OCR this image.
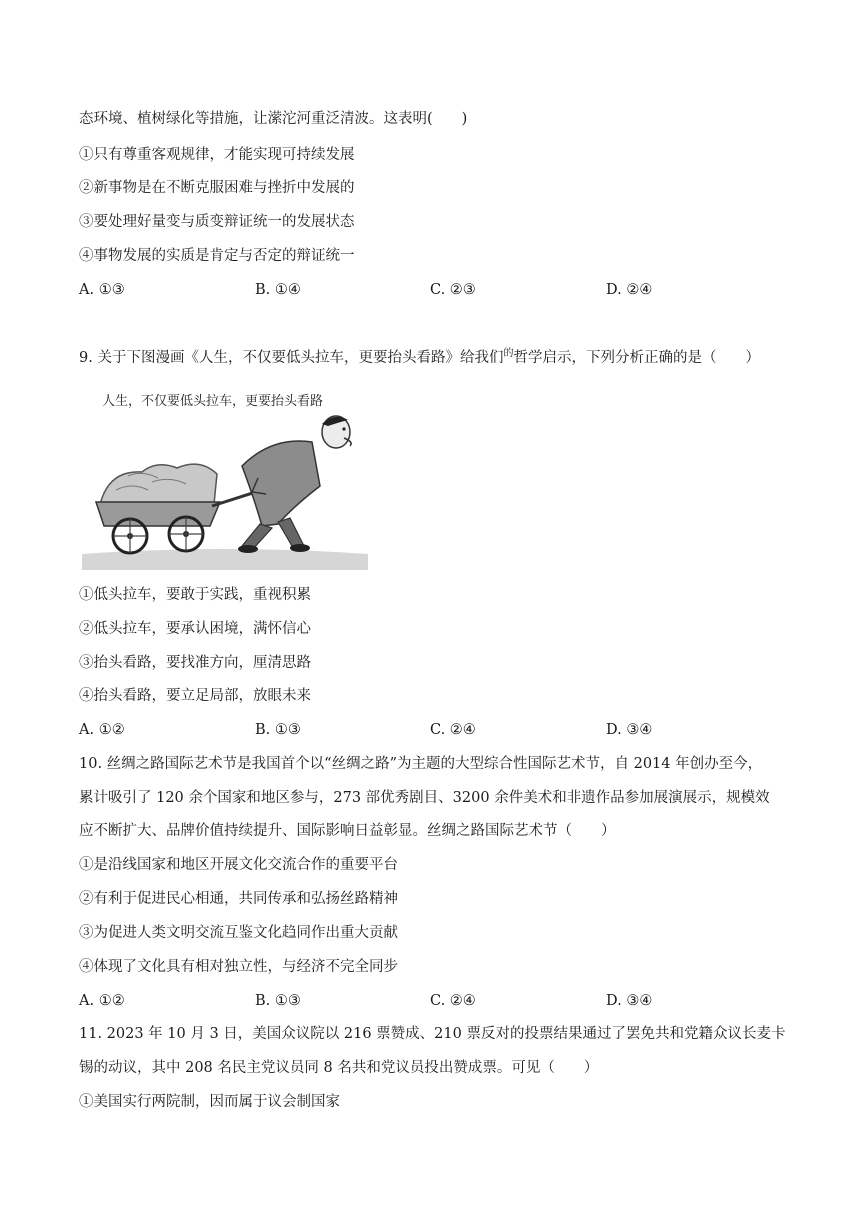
态环境、植树绿化等措施，让潆沱河重泛清波。这表明(　　)
①只有尊重客观规律，才能实现可持续发展
②新事物是在不断克服困难与挫折中发展的
③要处理好量变与质变辩证统一的发展状态
④事物发展的实质是肯定与否定的辩证统一
A. ①③	B. ①④	C. ②③	D. ②④
9. 关于下图漫画《人生，不仅要低头拉车，更要抬头看路》给我们$^的$哲学启示，下列分析正确的是（　　）
人生，不仅要低头拉车，更要抬头看路
①低头拉车，要敢于实践，重视积累
②低头拉车，要承认困境，满怀信心
③抬头看路，要找准方向，厘清思路
④抬头看路，要立足局部，放眼未来
A. ①②	B. ①③	C. ②④	D. ③④
10. 丝绸之路国际艺术节是我国首个以“丝绸之路”为主题的大型综合性国际艺术节，自 2014 年创办至今，
累计吸引了 120 余个国家和地区参与，273 部优秀剧目、3200 余件美术和非遗作品参加展演展示，规模效
应不断扩大、品牌价值持续提升、国际影响日益彰显。丝绸之路国际艺术节（　　）
①是沿线国家和地区开展文化交流合作的重要平台
②有利于促进民心相通，共同传承和弘扬丝路精神
③为促进人类文明交流互鉴文化趋同作出重大贡献
④体现了文化具有相对独立性，与经济不完全同步
A. ①②	B. ①③	C. ②④	D. ③④
11. 2023 年 10 月 3 日，美国众议院以 216 票赞成、210 票反对的投票结果通过了罢免共和党籍众议长麦卡
锡的动议，其中 208 名民主党议员同 8 名共和党议员投出赞成票。可见（　　）
①美国实行两院制，因而属于议会制国家
